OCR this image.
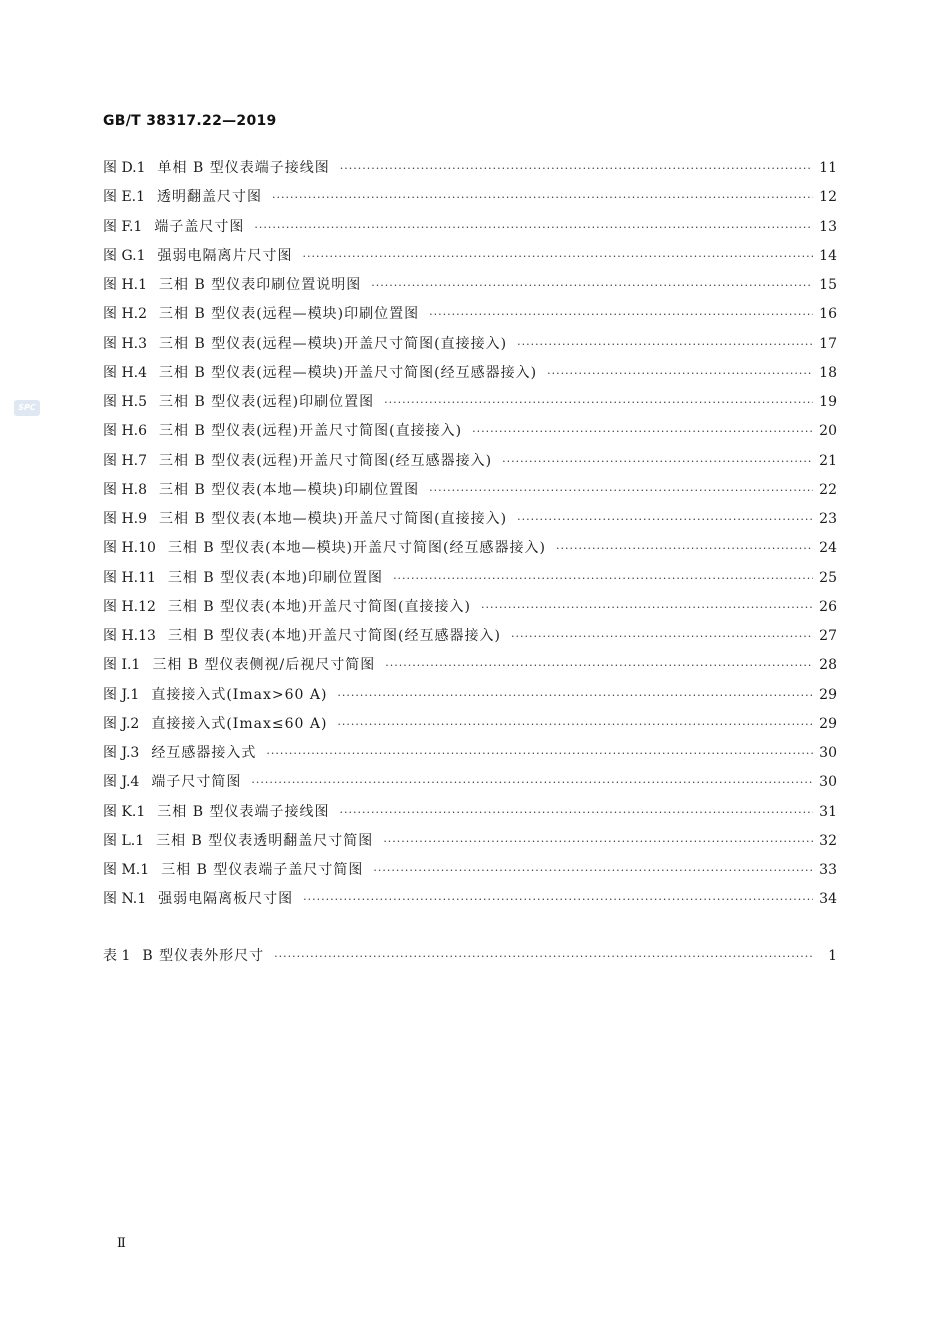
GB/T 38317.22—2019
SPC
图 D.1 单相 B 型仪表端子接线图 ·····	11
图 E.1 透明翻盖尺寸图 ·····	12
图 F.1 端子盖尺寸图 ·····	13
图 G.1 强弱电隔离片尺寸图 ·····	14
图 H.1 三相 B 型仪表印刷位置说明图 ·····	15
图 H.2 三相 B 型仪表(远程—模块)印刷位置图 ·····	16
图 H.3 三相 B 型仪表(远程—模块)开盖尺寸简图(直接接入) ·····	17
图 H.4 三相 B 型仪表(远程—模块)开盖尺寸简图(经互感器接入) ·····	18
图 H.5 三相 B 型仪表(远程)印刷位置图 ·····	19
图 H.6 三相 B 型仪表(远程)开盖尺寸简图(直接接入) ·····	20
图 H.7 三相 B 型仪表(远程)开盖尺寸简图(经互感器接入) ·····	21
图 H.8 三相 B 型仪表(本地—模块)印刷位置图 ·····	22
图 H.9 三相 B 型仪表(本地—模块)开盖尺寸简图(直接接入) ·····	23
图 H.10 三相 B 型仪表(本地—模块)开盖尺寸简图(经互感器接入) ·····	24
图 H.11 三相 B 型仪表(本地)印刷位置图 ·····	25
图 H.12 三相 B 型仪表(本地)开盖尺寸简图(直接接入) ·····	26
图 H.13 三相 B 型仪表(本地)开盖尺寸简图(经互感器接入) ·····	27
图 I.1 三相 B 型仪表侧视/后视尺寸简图 ·····	28
图 J.1 直接接入式(Imax>60 A) ·····	29
图 J.2 直接接入式(Imax≤60 A) ·····	29
图 J.3 经互感器接入式 ·····	30
图 J.4 端子尺寸简图 ·····	30
图 K.1 三相 B 型仪表端子接线图 ·····	31
图 L.1 三相 B 型仪表透明翻盖尺寸简图 ·····	32
图 M.1 三相 B 型仪表端子盖尺寸简图 ·····	33
图 N.1 强弱电隔离板尺寸图 ·····	34
表 1 B 型仪表外形尺寸 ·····	1
Ⅱ
